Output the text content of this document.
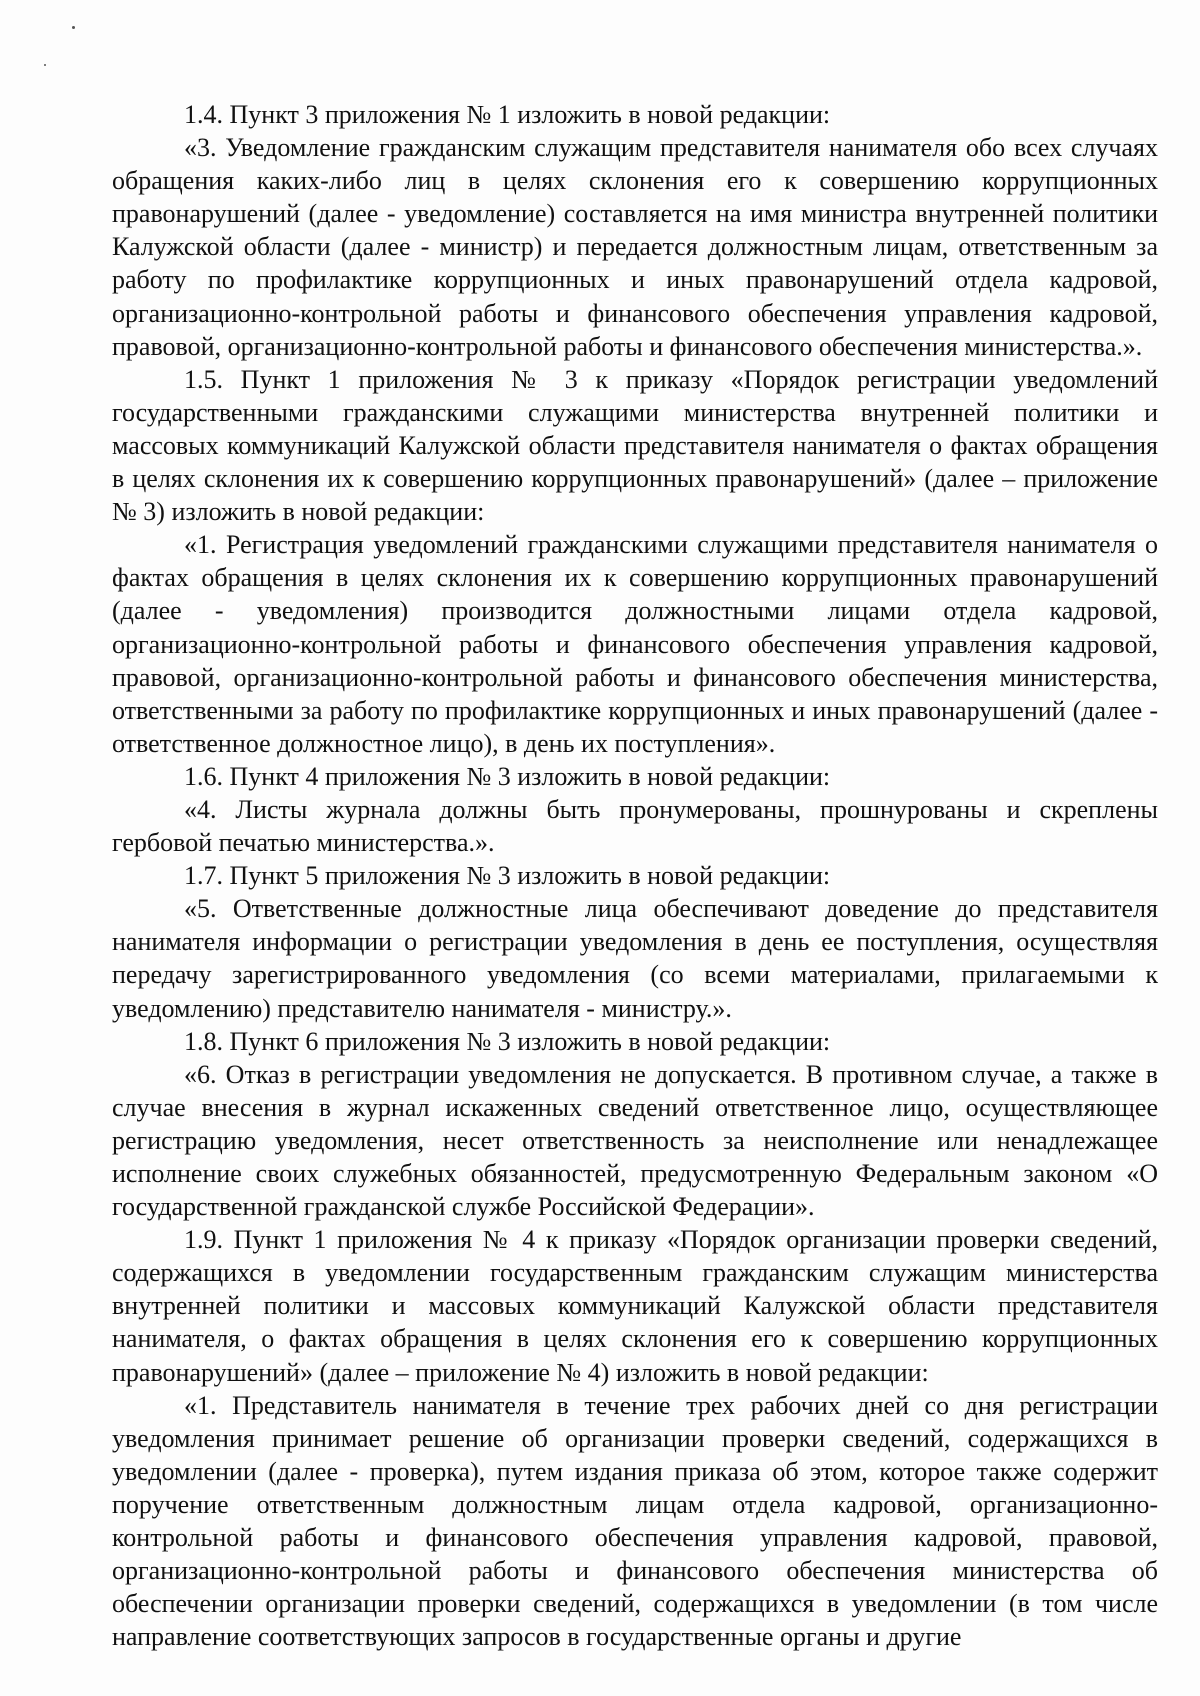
1.4. Пункт 3 приложения № 1 изложить в новой редакции:

«3. Уведомление гражданским служащим представителя нанимателя обо всех случаях обращения каких-либо лиц в целях склонения его к совершению коррупционных правонарушений (далее - уведомление) составляется на имя министра внутренней политики Калужской области (далее - министр) и передается должностным лицам, ответственным за работу по профилактике коррупционных и иных правонарушений отдела кадровой, организационно-контрольной работы и финансового обеспечения управления кадровой, правовой, организационно-контрольной работы и финансового обеспечения министерства.».

1.5. Пункт 1 приложения № 3 к приказу «Порядок регистрации уведомлений государственными гражданскими служащими министерства внутренней политики и массовых коммуникаций Калужской области представителя нанимателя о фактах обращения в целях склонения их к совершению коррупционных правонарушений» (далее – приложение № 3) изложить в новой редакции:

«1. Регистрация уведомлений гражданскими служащими представителя нанимателя о фактах обращения в целях склонения их к совершению коррупционных правонарушений (далее - уведомления) производится должностными лицами отдела кадровой, организационно-контрольной работы и финансового обеспечения управления кадровой, правовой, организационно-контрольной работы и финансового обеспечения министерства, ответственными за работу по профилактике коррупционных и иных правонарушений (далее - ответственное должностное лицо), в день их поступления».

1.6. Пункт 4 приложения № 3 изложить в новой редакции:

«4. Листы журнала должны быть пронумерованы, прошнурованы и скреплены гербовой печатью министерства.».

1.7. Пункт 5 приложения № 3 изложить в новой редакции:

«5. Ответственные должностные лица обеспечивают доведение до представителя нанимателя информации о регистрации уведомления в день ее поступления, осуществляя передачу зарегистрированного уведомления (со всеми материалами, прилагаемыми к уведомлению) представителю нанимателя - министру.».

1.8. Пункт 6 приложения № 3 изложить в новой редакции:

«6. Отказ в регистрации уведомления не допускается. В противном случае, а также в случае внесения в журнал искаженных сведений ответственное лицо, осуществляющее регистрацию уведомления, несет ответственность за неисполнение или ненадлежащее исполнение своих служебных обязанностей, предусмотренную Федеральным законом «О государственной гражданской службе Российской Федерации».

1.9. Пункт 1 приложения № 4 к приказу «Порядок организации проверки сведений, содержащихся в уведомлении государственным гражданским служащим министерства внутренней политики и массовых коммуникаций Калужской области представителя нанимателя, о фактах обращения в целях склонения его к совершению коррупционных правонарушений» (далее – приложение № 4) изложить в новой редакции:

«1. Представитель нанимателя в течение трех рабочих дней со дня регистрации уведомления принимает решение об организации проверки сведений, содержащихся в уведомлении (далее - проверка), путем издания приказа об этом, которое также содержит поручение ответственным должностным лицам отдела кадровой, организационно-контрольной работы и финансового обеспечения управления кадровой, правовой, организационно-контрольной работы и финансового обеспечения министерства об обеспечении организации проверки сведений, содержащихся в уведомлении (в том числе направление соответствующих запросов в государственные органы и другие
